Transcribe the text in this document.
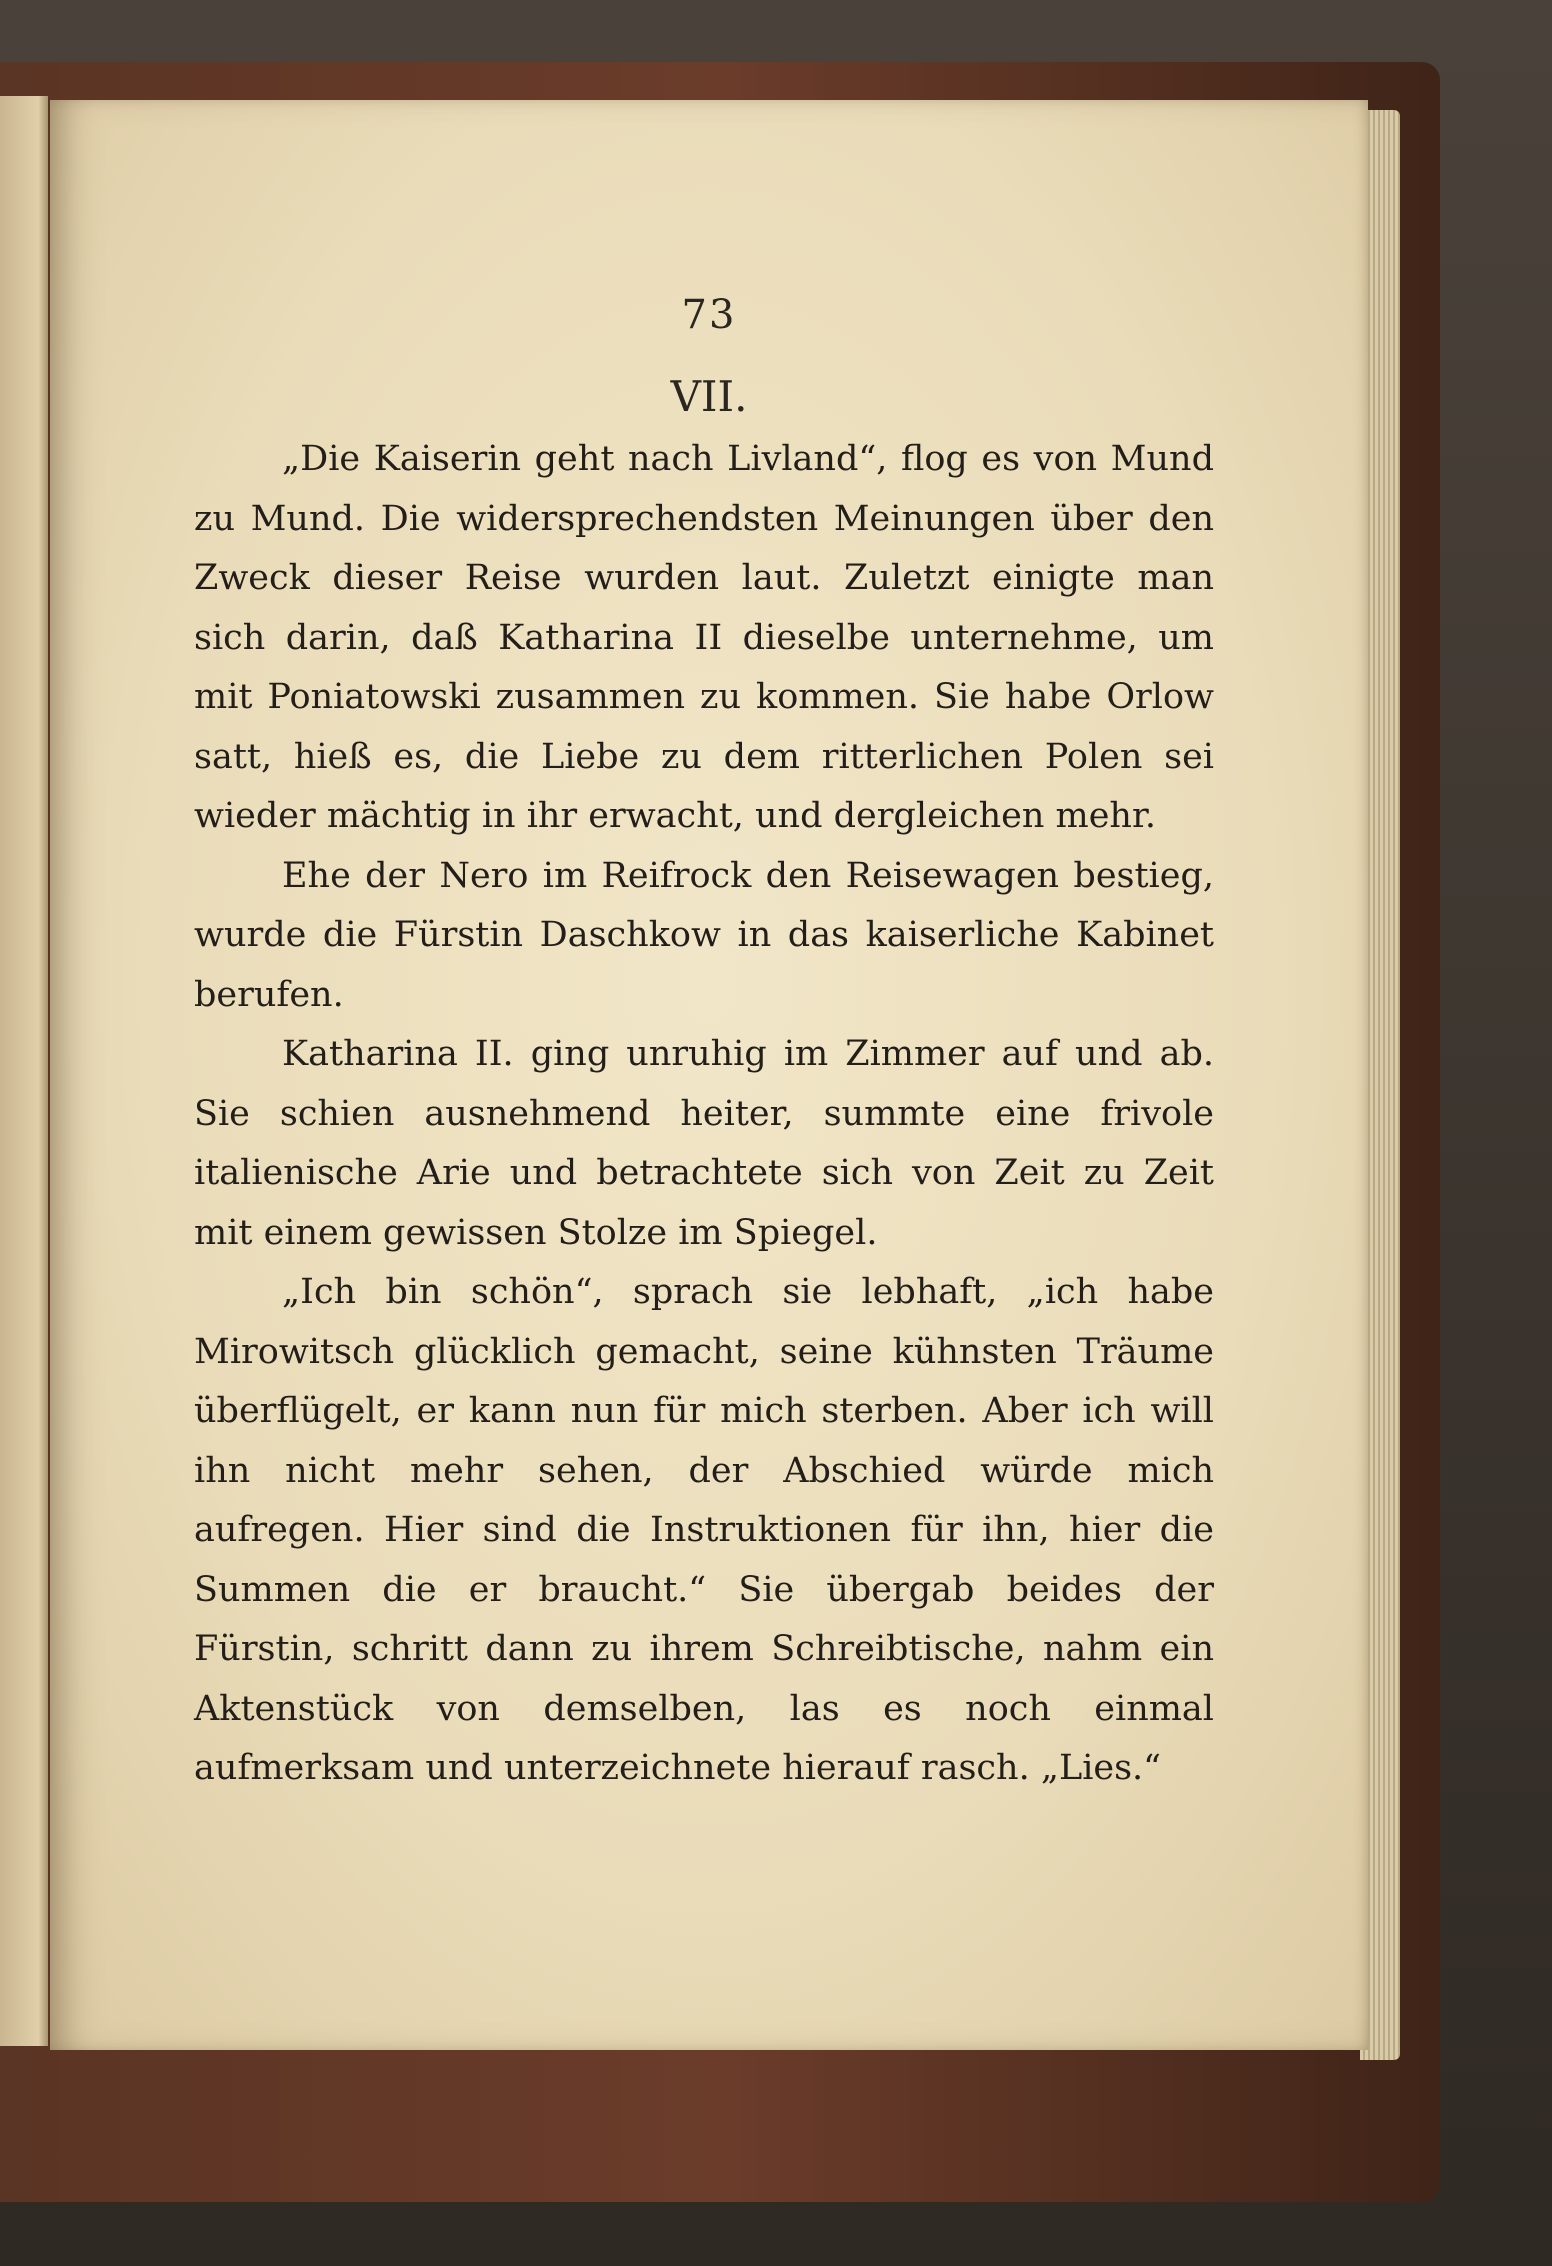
73
VII.

„Die Kaiserin geht nach Livland“, flog es von Mund zu Mund. Die widersprechendsten Meinungen über den Zweck dieser Reise wurden laut. Zuletzt einigte man sich darin, daß Katharina II dieselbe unternehme, um mit Poniatowski zusammen zu kommen. Sie habe Orlow satt, hieß es, die Liebe zu dem ritterlichen Polen sei wieder mächtig in ihr erwacht, und dergleichen mehr.

Ehe der Nero im Reifrock den Reisewagen bestieg, wurde die Fürstin Daschkow in das kaiserliche Kabinet berufen.

Katharina II. ging unruhig im Zimmer auf und ab. Sie schien ausnehmend heiter, summte eine frivole italienische Arie und betrachtete sich von Zeit zu Zeit mit einem gewissen Stolze im Spiegel.

„Ich bin schön“, sprach sie lebhaft, „ich habe Mirowitsch glücklich gemacht, seine kühnsten Träume überflügelt, er kann nun für mich sterben. Aber ich will ihn nicht mehr sehen, der Abschied würde mich aufregen. Hier sind die Instruktionen für ihn, hier die Summen die er braucht.“ Sie übergab beides der Fürstin, schritt dann zu ihrem Schreibtische, nahm ein Aktenstück von demselben, las es noch einmal aufmerksam und unterzeichnete hierauf rasch. „Lies.“
